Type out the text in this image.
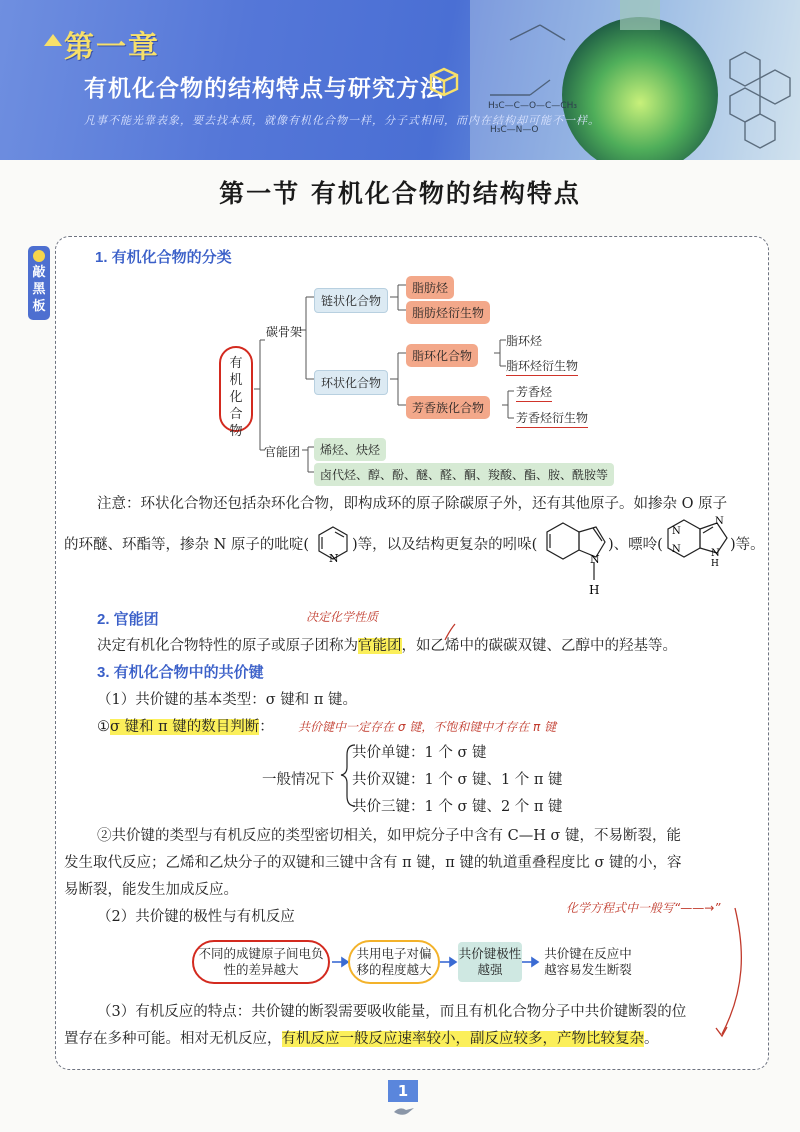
H₃C—C—O—C—CH₃
H₃C—N—O
第一章
有机化合物的结构特点与研究方法
凡事不能光靠表象，要去找本质，就像有机化合物一样，分子式相同，而内在结构却可能不一样。
第一节 有机化合物的结构特点
敲黑板
N	N
H
N
N
N
N
H
1. 有机化合物的分类
有
机
化
合
物
碳骨架
链状化合物
脂肪烃
脂肪烃衍生物
环状化合物
脂环化合物
脂环烃
脂环烃衍生物
芳香族化合物
芳香烃
芳香烃衍生物
官能团	烯烃、炔烃
卤代烃、醇、酚、醚、醛、酮、羧酸、酯、胺、酰胺等
注意：环状化合物还包括杂环化合物，即构成环的原子除碳原子外，还有其他原子。如掺杂 O 原子
的环醚、环酯等，掺杂 N 原子的吡啶(	)等，以及结构更复杂的吲哚(	)、嘌呤(	)等。
2. 官能团	决定化学性质
决定有机化合物特性的原子或原子团称为官能团，如乙烯中的碳碳双键、乙醇中的羟基等。
3. 有机化合物中的共价键
（1）共价键的基本类型：σ 键和 π 键。
①σ 键和 π 键的数目判断： 共价键中一定存在 σ 键，不饱和键中才存在 π 键
一般情况下
共价单键：1 个 σ 键
共价双键：1 个 σ 键、1 个 π 键
共价三键：1 个 σ 键、2 个 π 键
②共价键的类型与有机反应的类型密切相关，如甲烷分子中含有 C—H σ 键，不易断裂，能
发生取代反应；乙烯和乙炔分子的双键和三键中含有 π 键，π 键的轨道重叠程度比 σ 键的小，容
易断裂，能发生加成反应。
（2）共价键的极性与有机反应
化学方程式中一般写“——→”
不同的成键原子间电负性的差异越大
共用电子对偏移的程度越大
共价键极性越强
共价键在反应中越容易发生断裂
（3）有机反应的特点：共价键的断裂需要吸收能量，而且有机化合物分子中共价键断裂的位
置存在多种可能。相对无机反应，有机反应一般反应速率较小，副反应较多，产物比较复杂。
1
